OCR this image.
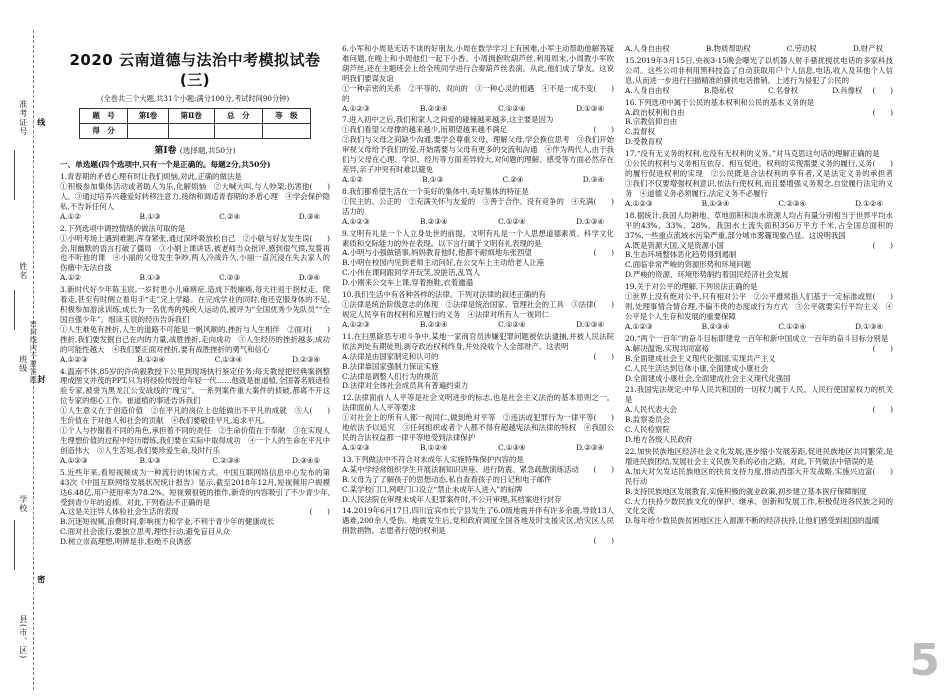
准考证号
姓名
班级 密封线内不要答题
线
封
密
学校
县(市、区)
2020 云南道德与法治中考模拟试卷(三)
(全卷共三个大题,共31个小题;满分100分,考试时间90分钟)
题　号	第Ⅰ卷	第Ⅱ卷	总　分	等　级
得　分				
第Ⅰ卷 (选择题,共50分)
一、单选题(四个选项中,只有一个是正确的。每题2分,共50分)

1.青春期的矛盾心理有时让我们烦恼,对此,正确的做法是

(　　)

①积极参加集体活动或者助人为乐,化解烦恼　②大喊大叫,与人吵架,伤害他人。③通过培养兴趣爱好转移注意力,接纳和调适青春期的矛盾心理　④学会保护隐私,不告诉任何人

A.①②	B.①③	C.②④	D.③④

2.下列选项中调控情绪的做法可取的是

(　　)

①小明考场上遇到难题,浑身紧张,通过深呼吸放松自己　②小敏与好友发生误会,用幽默的语言打破了僵局　③小娟上课讲话,被老师当众批评,感到很气愤,发誓再也不听他的课　④小丽的父母发生争吵,两人冷战许久,小丽一直沉浸在失去家人的伤痛中无法自拔

A.①②	B.①③	C.②③	D.③④

3.新时代好少年陈玉宸,一岁时患小儿麻痹症,造成下肢瘫痪,每天往返于拐杖走、爬着走,甚至有时侧立着用手“走”完上学路。在完成学业的同时,他还克服身体的不足,积极参加游泳训练,成长为一名优秀的残疾人运动员,被评为“全国优秀少先队员”“全国自强少年”。细读玉宸的经历告诉我们

(　　)

①人生难免有挫折,人生的道路不可能是一帆风顺的,挫折与人生相伴　②面对挫折,我们要发掘自己在内的力量,战胜挫折,走向成功　③人生经历的挫折越多,成功的可能性越大　④我们要正面对挫折,要有战胜挫折的勇气和信心

A.①②③	B.①②④	C.①③④	D.②③④

4.温南不休,85岁的许尚毅教授下公里到现场执行鉴定任务;每天教授把经典案例整理成图文并茂的PPT,只为将经验传授给年轻一代……他就是崔道植,全国著名痕迹检验专家,被誉为黑龙江公安战线的“瑰宝”。一系列案件重大案件的侦破,都离不开这位专家的细心工作。崔道植的事迹告诉我们

(　　)

①人生意义在于创造价值　②在平凡的岗位上也能做出不平凡的成就　③人生价值在于对他人和社会的贡献　④我们要敬佳平凡,追求平凡。

①个人与抄谢看不同的角色,承担着不同的责任　②生命价值在于奉献　③在实现人生理想价值的过程中经历磨练,我们要在实际中取得成功　④一个人的生命在平凡中创造伟大　⑤人生苦短,我们要珍爱生命,及时行乐

A.①②③	B.①③	C.②③④	D.③④⑤

5.近些年来,看短视频成为一种流行的休闲方式。中国互联网络信息中心发布的第43次《中国互联网络发展状况统计报告》显示,截至2018年12月,短视频用户规模达6.48亿,用户使用率为78.2%。短视频很链的推作,新奇的内容吸引了不少青少年,受到青少年的追捧。对此,下列看法不正确的是

(　　)

A.这是关注异人体验社会生活的表现

B.沉迷短视频,浪费时间,影响视力和学业,不利于青少年的健康成长

C.面对社会流行,要独立思考,理性行动,避免盲目从众

D.树立崇高理想,明辨是非,拒绝不良诱惑

6.小军和小周是无话不谈的好朋友,小周在数学学习上有困难,小军主动帮助他解答疑难问题,在晚上和小周他们一起下小香。小周拥抱吹葫芦丝,利用周末,小周教小军吹葫芦丝,还在主题班会上给全班同学进行合奏葫芦丝表演。从此,他们成了挚友。这说明我们要谋友谊

(　　)

①一种亲密的关系　②平等的、双向的　③一种心灵的相遇　④不是一成不变的

A.①②③	B.②③④	C.①②④	D.①③④

7.进入初中之后,我们和家人之间爱的碰撞越来越多,这主要是因为

(　　)

①我们看望父母撑的越来越少,而期望越来越不满足

②我们与父母之间缺少沟通,要学会尊重父母、理解父母,学会换位思考　③我们开始审视父母给予我们的爱,开始需要与父母有更多的交流和沟通　④作为两代人,由于我们与父母在心理、学识、经历等方面差异较大,对问题的理解、感受等方面必然存在差异,亲子冲突有时难以避免

A.①②	B.①③	C.②④	D.③④

8.我们都希望生活在一个美好的集体中,美好集体的特征是

(　　)

①民主的、公正的　②充满关怀与友爱的　③善于合作、没有竞争的　④充满活力的

A.①②③	B.②③④	C.①②④	D.①③④

9.文明有礼是一个人立身处世的前提。文明有礼是一个人思想道德素质、科学文化素质和交际能力的外在表现。以下言行属于文明有礼表现的是

(　　)

A.小明与小强做错事,妈妈教育他时,他都不耐烦地东张西望

B.小明在校园内见到老师主动问好,在公交车上主动给老人让座

C.小伟在课间跟同学开玩笑,说脏话,乱骂人

D.小刚来公交车上课,穿着拖鞋,衣着邋遢

10.我们生活中有各种各样的法律。下列对法律的叙述正确的有

(　　)

①法律是统治阶级意志的体现　②法律是统治国家、管理社会的工具　③法律规定人民享有的权利和应履行的义务　④法律对所有人一视同仁

A.①②③	B.②③④	C.①②④	D.①③④

11.在扫黑除恶专项斗争中,某地一家商官员涉嫌犯罪问题被依法逮捕,并被人民法院依法判处有期徒刑,剥夺政治权利终身,并处没收个人全部财产。这表明

(　　)

A.法律是由国家制定和认可的

B.法律靠国家强制力保证实施

C.法律是调整人们行为的规范

D.法律对全体社会成员具有普遍约束力

12.法律面前人人平等是社会文明进步的标志,也是社会主义法治的基本原则之一。法律面前人人平等要求

(　　)

①对社会上的所有人都一视同仁,做到绝对平等　②违法或犯罪行为一律平等地依法予以追究　③任何组织或者个人都不得有超越宪法和法律的特权　④我国公民的合法权益都一律平等地受到法律保护

A.①②③	B.①②④	C.①③④	D.②③④

13.下列做法中不符合对未成年人实施特殊保护内容的是

(　　)

A.某中学经常组织学生开展法制知识讲座、进行防震、紧急疏散演练活动

B.父母为了了解孩子的思想动态,私自查看孩子的日记和电子邮件

C.某学校门口,网吧门口设立“禁止未成年人进入”的标牌

D.人民法院在审理未成年人犯罪案件时,不公开审理,其档案进行封存

14.2019年6月17日,四川宜宾市长宁县发生了6.0级地震并伴有许多余震,导致13人遇难,200余人受伤。地震发生后,党和政府调度全国各地及时支援灾区,给灾区人民捐款捐物。志愿者行使的权利是

(　　)
A.人身自由权	B.物质帮助权	C.劳动权	D.财产权

15.2019年3月15日,央视3·15晚会曝光了以机器人射手骚扰搅扰电话的多家科技公司。这些公司非利用黑科技盗了自动获取用户个人信息,电话,收入及其他个人信息,从而进一步进行扫描精准的骚扰电话推销。上述行为侵犯了公民的

(　　)
A.人身自由权	B.隐私权	C.名誉权	D.肖像权

16.下列选项中属于公民的基本权利和公民的基本义务的是

(　　)

A.政治权利和自由

B.宗教信仰自由

C.监督权

D.受教育权

17.“没有无义务的权利,也没有无权利的义务。”对马克思这句话的理解正确的是

(　　)

①公民的权利与义务相互依存、相互促进。权利的实现需要义务的履行,义务的履行促进权利的实现　②公民既是合法权利的享有者,又是法定义务的承担者　③我们不仅要增强权利意识,依法行使权利,而且要增强义务观念,自觉履行法定的义务　④道德义务必须履行,法定义务不必履行

A.①②③	B.①③④	C.②③④	D.①②④

18.据统计,我国人均耕地、草地面积和淡水资源人均占有量分别相当于世界平均水平的43%、33%、28%。我国水土流失面积356万平方千米,占全国总面积的37%,一些重点流域水污染严重,部分城市雾霾现象凸显。这说明我国

(　　)

A.既是资源大国,又是资源小国

B.生态环境整体恶化趋势得到遏制

C.面临非常严峻的资源形势和环境问题

D.严峻的资源、环境形势制约着国民经济社会发展

19.关于对公平的理解,下列说法正确的是

(　　)

①世界上没有绝对公平,只有相对公平　②公平遵常指人们基于一定标准或原则,处理事情合情合理,不偏不倚的态度或行为方式　③公平就要实行平均主义　④公平是个人生存和发展的重要保障

A.①②③	B.②③④	C.①②④	D.①③④

20.“两个一百年”的奋斗目标即建党一百年和新中国成立一百年的奋斗目标分别是

(　　)

A.解决温饱,实现共同富裕

B.全面建成社会主义现代化强国,实现共产主义

C.人民生活达到总体小康,全面建成小康社会

D.全面建成小康社会,全面建成社会主义现代化强国

21.我国宪法规定:中华人民共和国的一切权力属于人民。人民行使国家权力的机关是

(　　)

A.人民代表大会

B.监察委员会

C.人民检察院

D.地方各级人民政府

22.加快民族地区经济社会文化发展,逐步缩小发展差距,促进民族地区共同繁荣,是增进民族团结,发展社会主义民族关系的必由之路。对此,下列做法中错误的是

(　　)

A.加大对欠发达民族地区的扶贫支持力度,推动西部大开发战略,实施兴边富民行动

B.支持民族地区发展教育,实施积极的就业政策,初步建立基本医疗保障制度

C.大力扶持少数民族文化的保护、继承、创新和发展工作,积极促进各民族之间的文化交流

D.每年给少数民族贫困地区注入源源不断的经济扶持,让他们感受到祖国的温暖

5
